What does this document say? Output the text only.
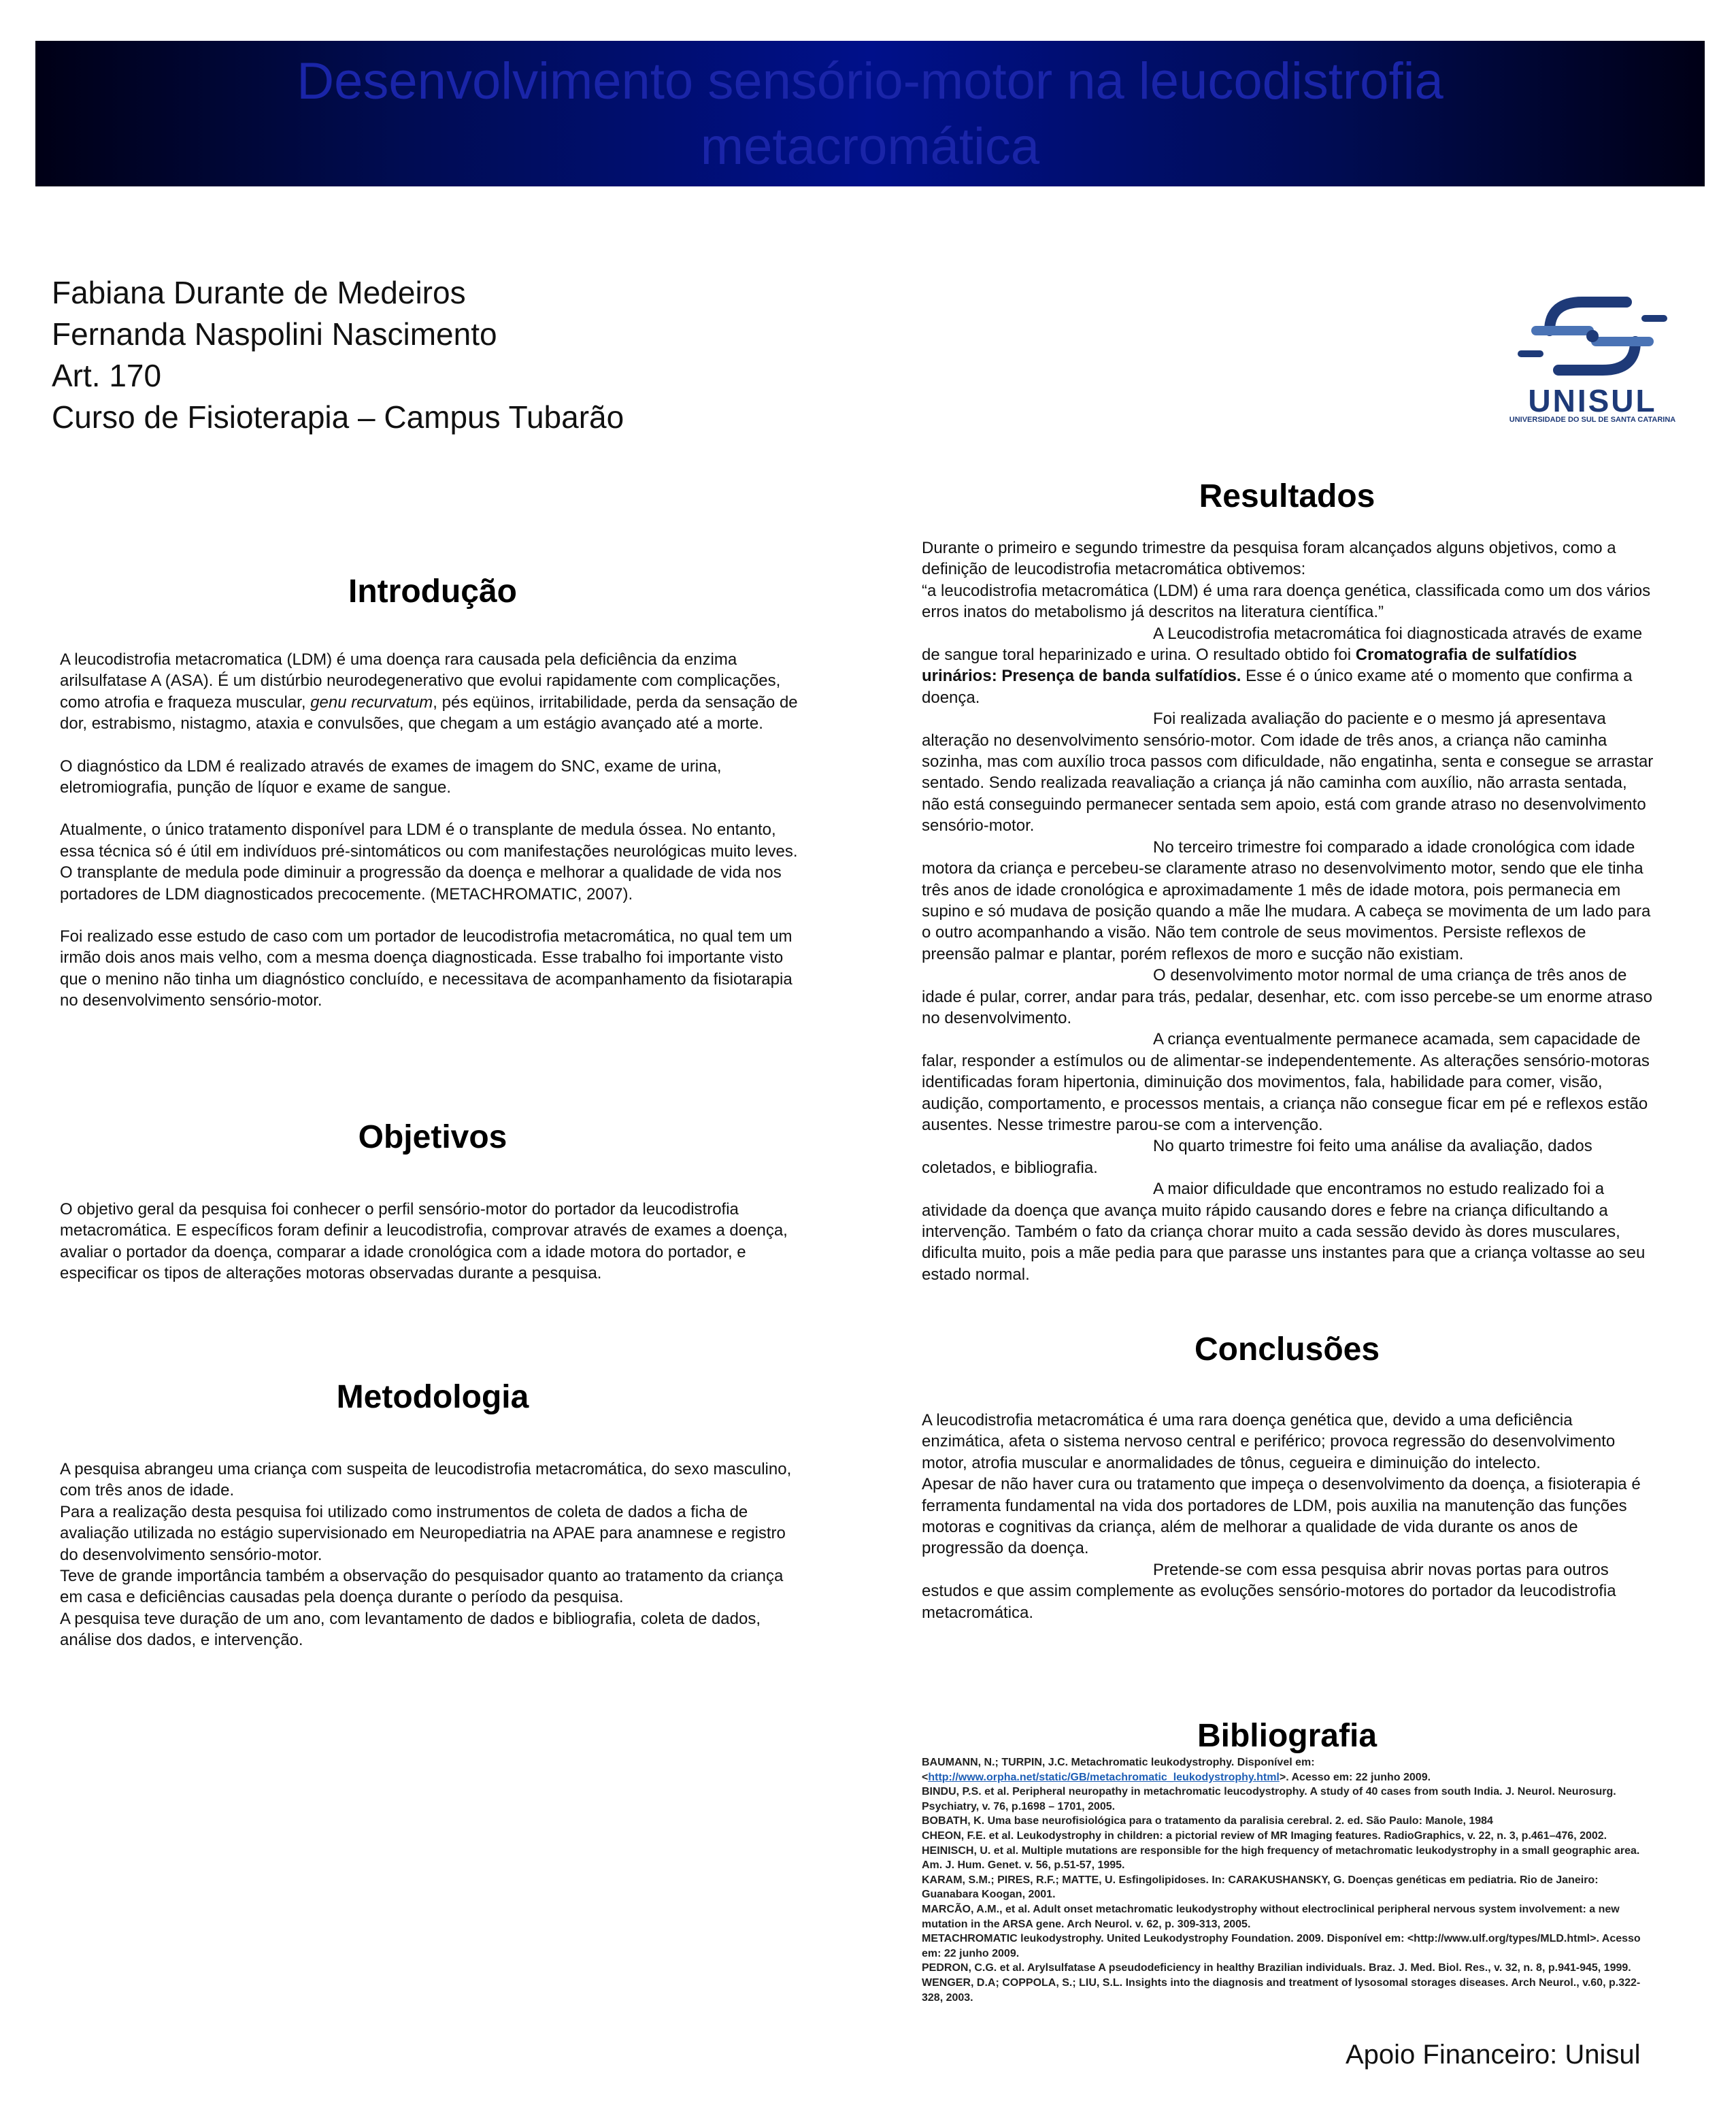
Desenvolvimento sensório-motor na leucodistrofia
metacromática
Fabiana Durante de Medeiros
Fernanda Naspolini Nascimento
Art. 170
Curso de Fisioterapia – Campus Tubarão	UNISUL
UNIVERSIDADE DO SUL DE SANTA CATARINA
Introdução

A leucodistrofia metacromatica (LDM) é uma doença rara causada pela deficiência da enzima arilsulfatase A (ASA). É um distúrbio neurodegenerativo que evolui rapidamente com complicações, como atrofia e fraqueza muscular, genu recurvatum, pés eqüinos, irritabilidade, perda da sensação de dor, estrabismo, nistagmo, ataxia e convulsões, que chegam a um estágio avançado até a morte.

O diagnóstico da LDM é realizado através de exames de imagem do SNC, exame de urina, eletromiografia, punção de líquor e exame de sangue.

Atualmente, o único tratamento disponível para LDM é o transplante de medula óssea. No entanto, essa técnica só é útil em indivíduos pré-sintomáticos ou com manifestações neurológicas muito leves. O transplante de medula pode diminuir a progressão da doença e melhorar a qualidade de vida nos portadores de LDM diagnosticados precocemente. (METACHROMATIC, 2007).

Foi realizado esse estudo de caso com um portador de leucodistrofia metacromática, no qual tem um irmão dois anos mais velho, com a mesma doença diagnosticada. Esse trabalho foi importante visto que o menino não tinha um diagnóstico concluído, e necessitava de acompanhamento da fisiotarapia no desenvolvimento sensório-motor.

Objetivos

O objetivo geral da pesquisa foi conhecer o perfil sensório-motor do portador da leucodistrofia metacromática. E específicos foram definir a leucodistrofia, comprovar através de exames a doença, avaliar o portador da doença, comparar a idade cronológica com a idade motora do portador, e especificar os tipos de alterações motoras observadas durante a pesquisa.

Metodologia

A pesquisa abrangeu uma criança com suspeita de leucodistrofia metacromática, do sexo masculino, com três anos de idade.

Para a realização desta pesquisa foi utilizado como instrumentos de coleta de dados a ficha de avaliação utilizada no estágio supervisionado em Neuropediatria na APAE para anamnese e registro do desenvolvimento sensório-motor.

Teve de grande importância também a observação do pesquisador quanto ao tratamento da criança em casa e deficiências causadas pela doença durante o período da pesquisa.

A pesquisa teve duração de um ano, com levantamento de dados e bibliografia, coleta de dados, análise dos dados, e intervenção.

Resultados

Durante o primeiro e segundo trimestre da pesquisa foram alcançados alguns objetivos, como a definição de leucodistrofia metacromática obtivemos:

“a leucodistrofia metacromática (LDM) é uma rara doença genética, classificada como um dos vários erros inatos do metabolismo já descritos na literatura científica.”

A Leucodistrofia metacromática foi diagnosticada através de exame de sangue toral heparinizado e urina. O resultado obtido foi Cromatografia de sulfatídios urinários: Presença de banda sulfatídios. Esse é o único exame até o momento que confirma a doença.

Foi realizada avaliação do paciente e o mesmo já apresentava alteração no desenvolvimento sensório-motor. Com idade de três anos, a criança não caminha sozinha, mas com auxílio troca passos com dificuldade, não engatinha, senta e consegue se arrastar sentado. Sendo realizada reavaliação a criança já não caminha com auxílio, não arrasta sentada, não está conseguindo permanecer sentada sem apoio, está com grande atraso no desenvolvimento sensório-motor.

No terceiro trimestre foi comparado a idade cronológica com idade motora da criança e percebeu-se claramente atraso no desenvolvimento motor, sendo que ele tinha três anos de idade cronológica e aproximadamente 1 mês de idade motora, pois permanecia em supino e só mudava de posição quando a mãe lhe mudara. A cabeça se movimenta de um lado para o outro acompanhando a visão. Não tem controle de seus movimentos. Persiste reflexos de preensão palmar e plantar, porém reflexos de moro e sucção não existiam.

O desenvolvimento motor normal de uma criança de três anos de idade é pular, correr, andar para trás, pedalar, desenhar, etc. com isso percebe-se um enorme atraso no desenvolvimento.

A criança eventualmente permanece acamada, sem capacidade de falar, responder a estímulos ou de alimentar-se independentemente. As alterações sensório-motoras identificadas foram hipertonia, diminuição dos movimentos, fala, habilidade para comer, visão, audição, comportamento, e processos mentais, a criança não consegue ficar em pé e reflexos estão ausentes. Nesse trimestre parou-se com a intervenção.

No quarto trimestre foi feito uma análise da avaliação, dados coletados, e bibliografia.

A maior dificuldade que encontramos no estudo realizado foi a atividade da doença que avança muito rápido causando dores e febre na criança dificultando a intervenção. Também o fato da criança chorar muito a cada sessão devido às dores musculares, dificulta muito, pois a mãe pedia para que parasse uns instantes para que a criança voltasse ao seu estado normal.

Conclusões

A leucodistrofia metacromática é uma rara doença genética que, devido a uma deficiência enzimática, afeta o sistema nervoso central e periférico; provoca regressão do desenvolvimento motor, atrofia muscular e anormalidades de tônus, cegueira e diminuição do intelecto.

Apesar de não haver cura ou tratamento que impeça o desenvolvimento da doença, a fisioterapia é ferramenta fundamental na vida dos portadores de LDM, pois auxilia na manutenção das funções motoras e cognitivas da criança, além de melhorar a qualidade de vida durante os anos de progressão da doença.

Pretende-se com essa pesquisa abrir novas portas para outros estudos e que assim complemente as evoluções sensório-motores do portador da leucodistrofia metacromática.

Bibliografia

BAUMANN, N.; TURPIN, J.C. Metachromatic leukodystrophy. Disponível em: <http://www.orpha.net/static/GB/metachromatic_leukodystrophy.html>. Acesso em: 22 junho 2009.

BINDU, P.S. et al. Peripheral neuropathy in metachromatic leucodystrophy. A study of 40 cases from south India. J. Neurol. Neurosurg. Psychiatry, v. 76, p.1698 – 1701, 2005.

BOBATH, K. Uma base neurofisiológica para o tratamento da paralisia cerebral. 2. ed. São Paulo: Manole, 1984

CHEON, F.E. et al. Leukodystrophy in children: a pictorial review of MR Imaging features. RadioGraphics, v. 22, n. 3, p.461–476, 2002.

HEINISCH, U. et al. Multiple mutations are responsible for the high frequency of metachromatic leukodystrophy in a small geographic area. Am. J. Hum. Genet. v. 56, p.51-57, 1995.

KARAM, S.M.; PIRES, R.F.; MATTE, U. Esfingolipidoses. In: CARAKUSHANSKY, G. Doenças genéticas em pediatria. Rio de Janeiro: Guanabara Koogan, 2001.

MARCÃO, A.M., et al. Adult onset metachromatic leukodystrophy without electroclinical peripheral nervous system involvement: a new mutation in the ARSA gene. Arch Neurol. v. 62, p. 309-313, 2005.

METACHROMATIC leukodystrophy. United Leukodystrophy Foundation. 2009. Disponível em: <http://www.ulf.org/types/MLD.html>. Acesso em: 22 junho 2009.

PEDRON, C.G. et al. Arylsulfatase A pseudodeficiency in healthy Brazilian individuals. Braz. J. Med. Biol. Res., v. 32, n. 8, p.941-945, 1999.

WENGER, D.A; COPPOLA, S.; LIU, S.L. Insights into the diagnosis and treatment of lysosomal storages diseases. Arch Neurol., v.60, p.322-328, 2003.

Apoio Financeiro: Unisul
